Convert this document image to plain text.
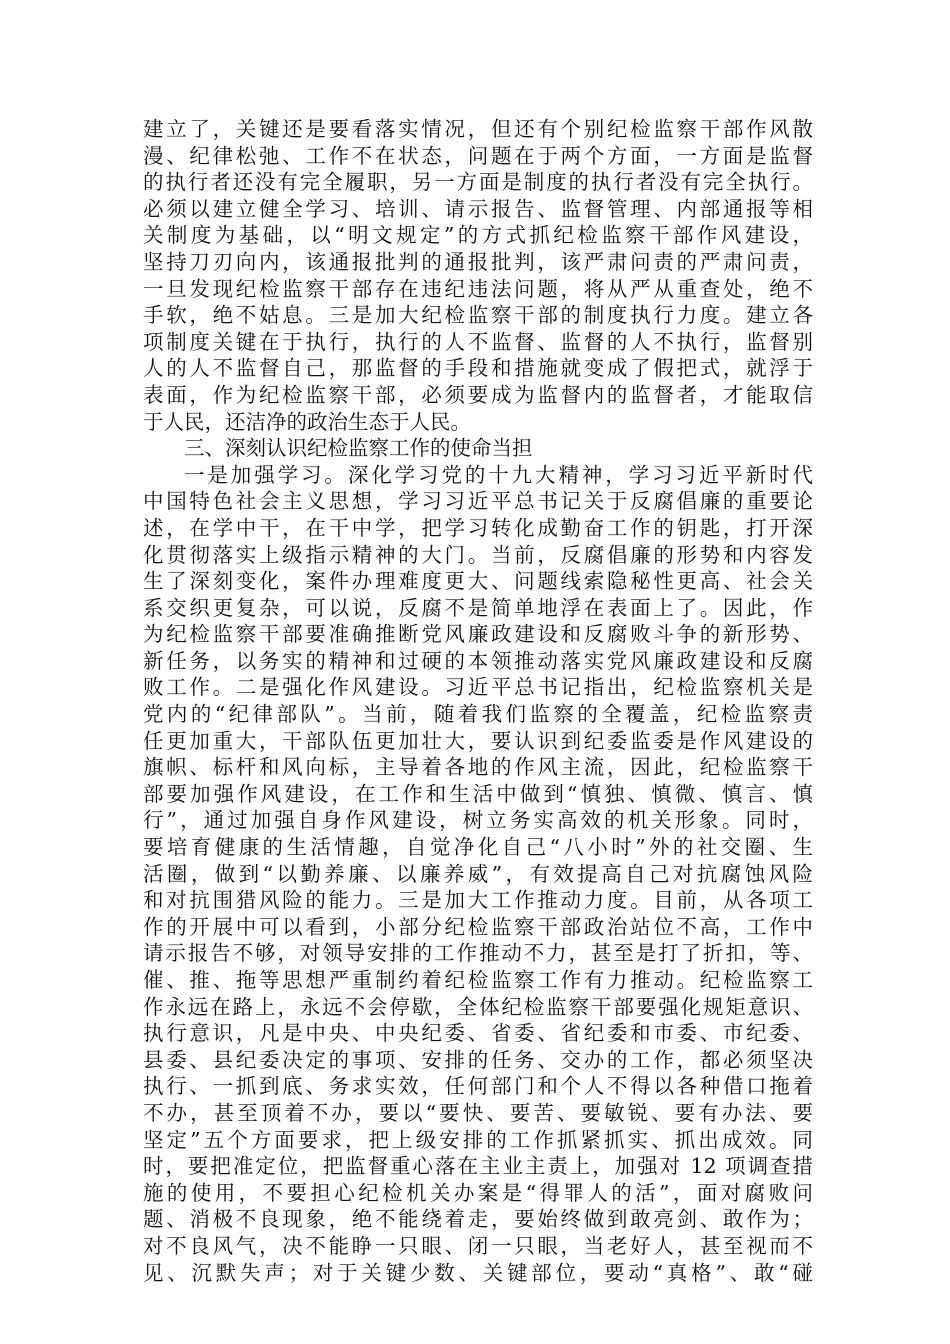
建立了，关键还是要看落实情况，但还有个别纪检监察干部作风散
漫、纪律松弛、工作不在状态，问题在于两个方面，一方面是监督
的执行者还没有完全履职，另一方面是制度的执行者没有完全执行。
必须以建立健全学习、培训、请示报告、监督管理、内部通报等相
关制度为基础，以“明文规定”的方式抓纪检监察干部作风建设，
坚持刀刃向内，该通报批判的通报批判，该严肃问责的严肃问责，
一旦发现纪检监察干部存在违纪违法问题，将从严从重查处，绝不
手软，绝不姑息。三是加大纪检监察干部的制度执行力度。建立各
项制度关键在于执行，执行的人不监督、监督的人不执行，监督别
人的人不监督自己，那监督的手段和措施就变成了假把式，就浮于
表面，作为纪检监察干部，必须要成为监督内的监督者，才能取信
于人民，还洁净的政治生态于人民。
三、深刻认识纪检监察工作的使命当担
一是加强学习。深化学习党的十九大精神，学习习近平新时代
中国特色社会主义思想，学习习近平总书记关于反腐倡廉的重要论
述，在学中干，在干中学，把学习转化成勤奋工作的钥匙，打开深
化贯彻落实上级指示精神的大门。当前，反腐倡廉的形势和内容发
生了深刻变化，案件办理难度更大、问题线索隐秘性更高、社会关
系交织更复杂，可以说，反腐不是简单地浮在表面上了。因此，作
为纪检监察干部要准确推断党风廉政建设和反腐败斗争的新形势、
新任务，以务实的精神和过硬的本领推动落实党风廉政建设和反腐
败工作。二是强化作风建设。习近平总书记指出，纪检监察机关是
党内的“纪律部队”。当前，随着我们监察的全覆盖，纪检监察责
任更加重大，干部队伍更加壮大，要认识到纪委监委是作风建设的
旗帜、标杆和风向标，主导着各地的作风主流，因此，纪检监察干
部要加强作风建设，在工作和生活中做到“慎独、慎微、慎言、慎
行”，通过加强自身作风建设，树立务实高效的机关形象。同时，
要培育健康的生活情趣，自觉净化自己“八小时”外的社交圈、生
活圈，做到“以勤养廉、以廉养威”，有效提高自己对抗腐蚀风险
和对抗围猎风险的能力。三是加大工作推动力度。目前，从各项工
作的开展中可以看到，小部分纪检监察干部政治站位不高，工作中
请示报告不够，对领导安排的工作推动不力，甚至是打了折扣，等、
催、推、拖等思想严重制约着纪检监察工作有力推动。纪检监察工
作永远在路上，永远不会停歇，全体纪检监察干部要强化规矩意识、
执行意识，凡是中央、中央纪委、省委、省纪委和市委、市纪委、
县委、县纪委决定的事项、安排的任务、交办的工作，都必须坚决
执行、一抓到底、务求实效，任何部门和个人不得以各种借口拖着
不办，甚至顶着不办，要以“要快、要苦、要敏锐、要有办法、要
坚定”五个方面要求，把上级安排的工作抓紧抓实、抓出成效。同
时，要把准定位，把监督重心落在主业主责上，加强对 12 项调查措
施的使用，不要担心纪检机关办案是“得罪人的活”，面对腐败问
题、消极不良现象，绝不能绕着走，要始终做到敢亮剑、敢作为；
对不良风气，决不能睁一只眼、闭一只眼，当老好人，甚至视而不
见、沉默失声；对于关键少数、关键部位，要动“真格”、敢“碰
